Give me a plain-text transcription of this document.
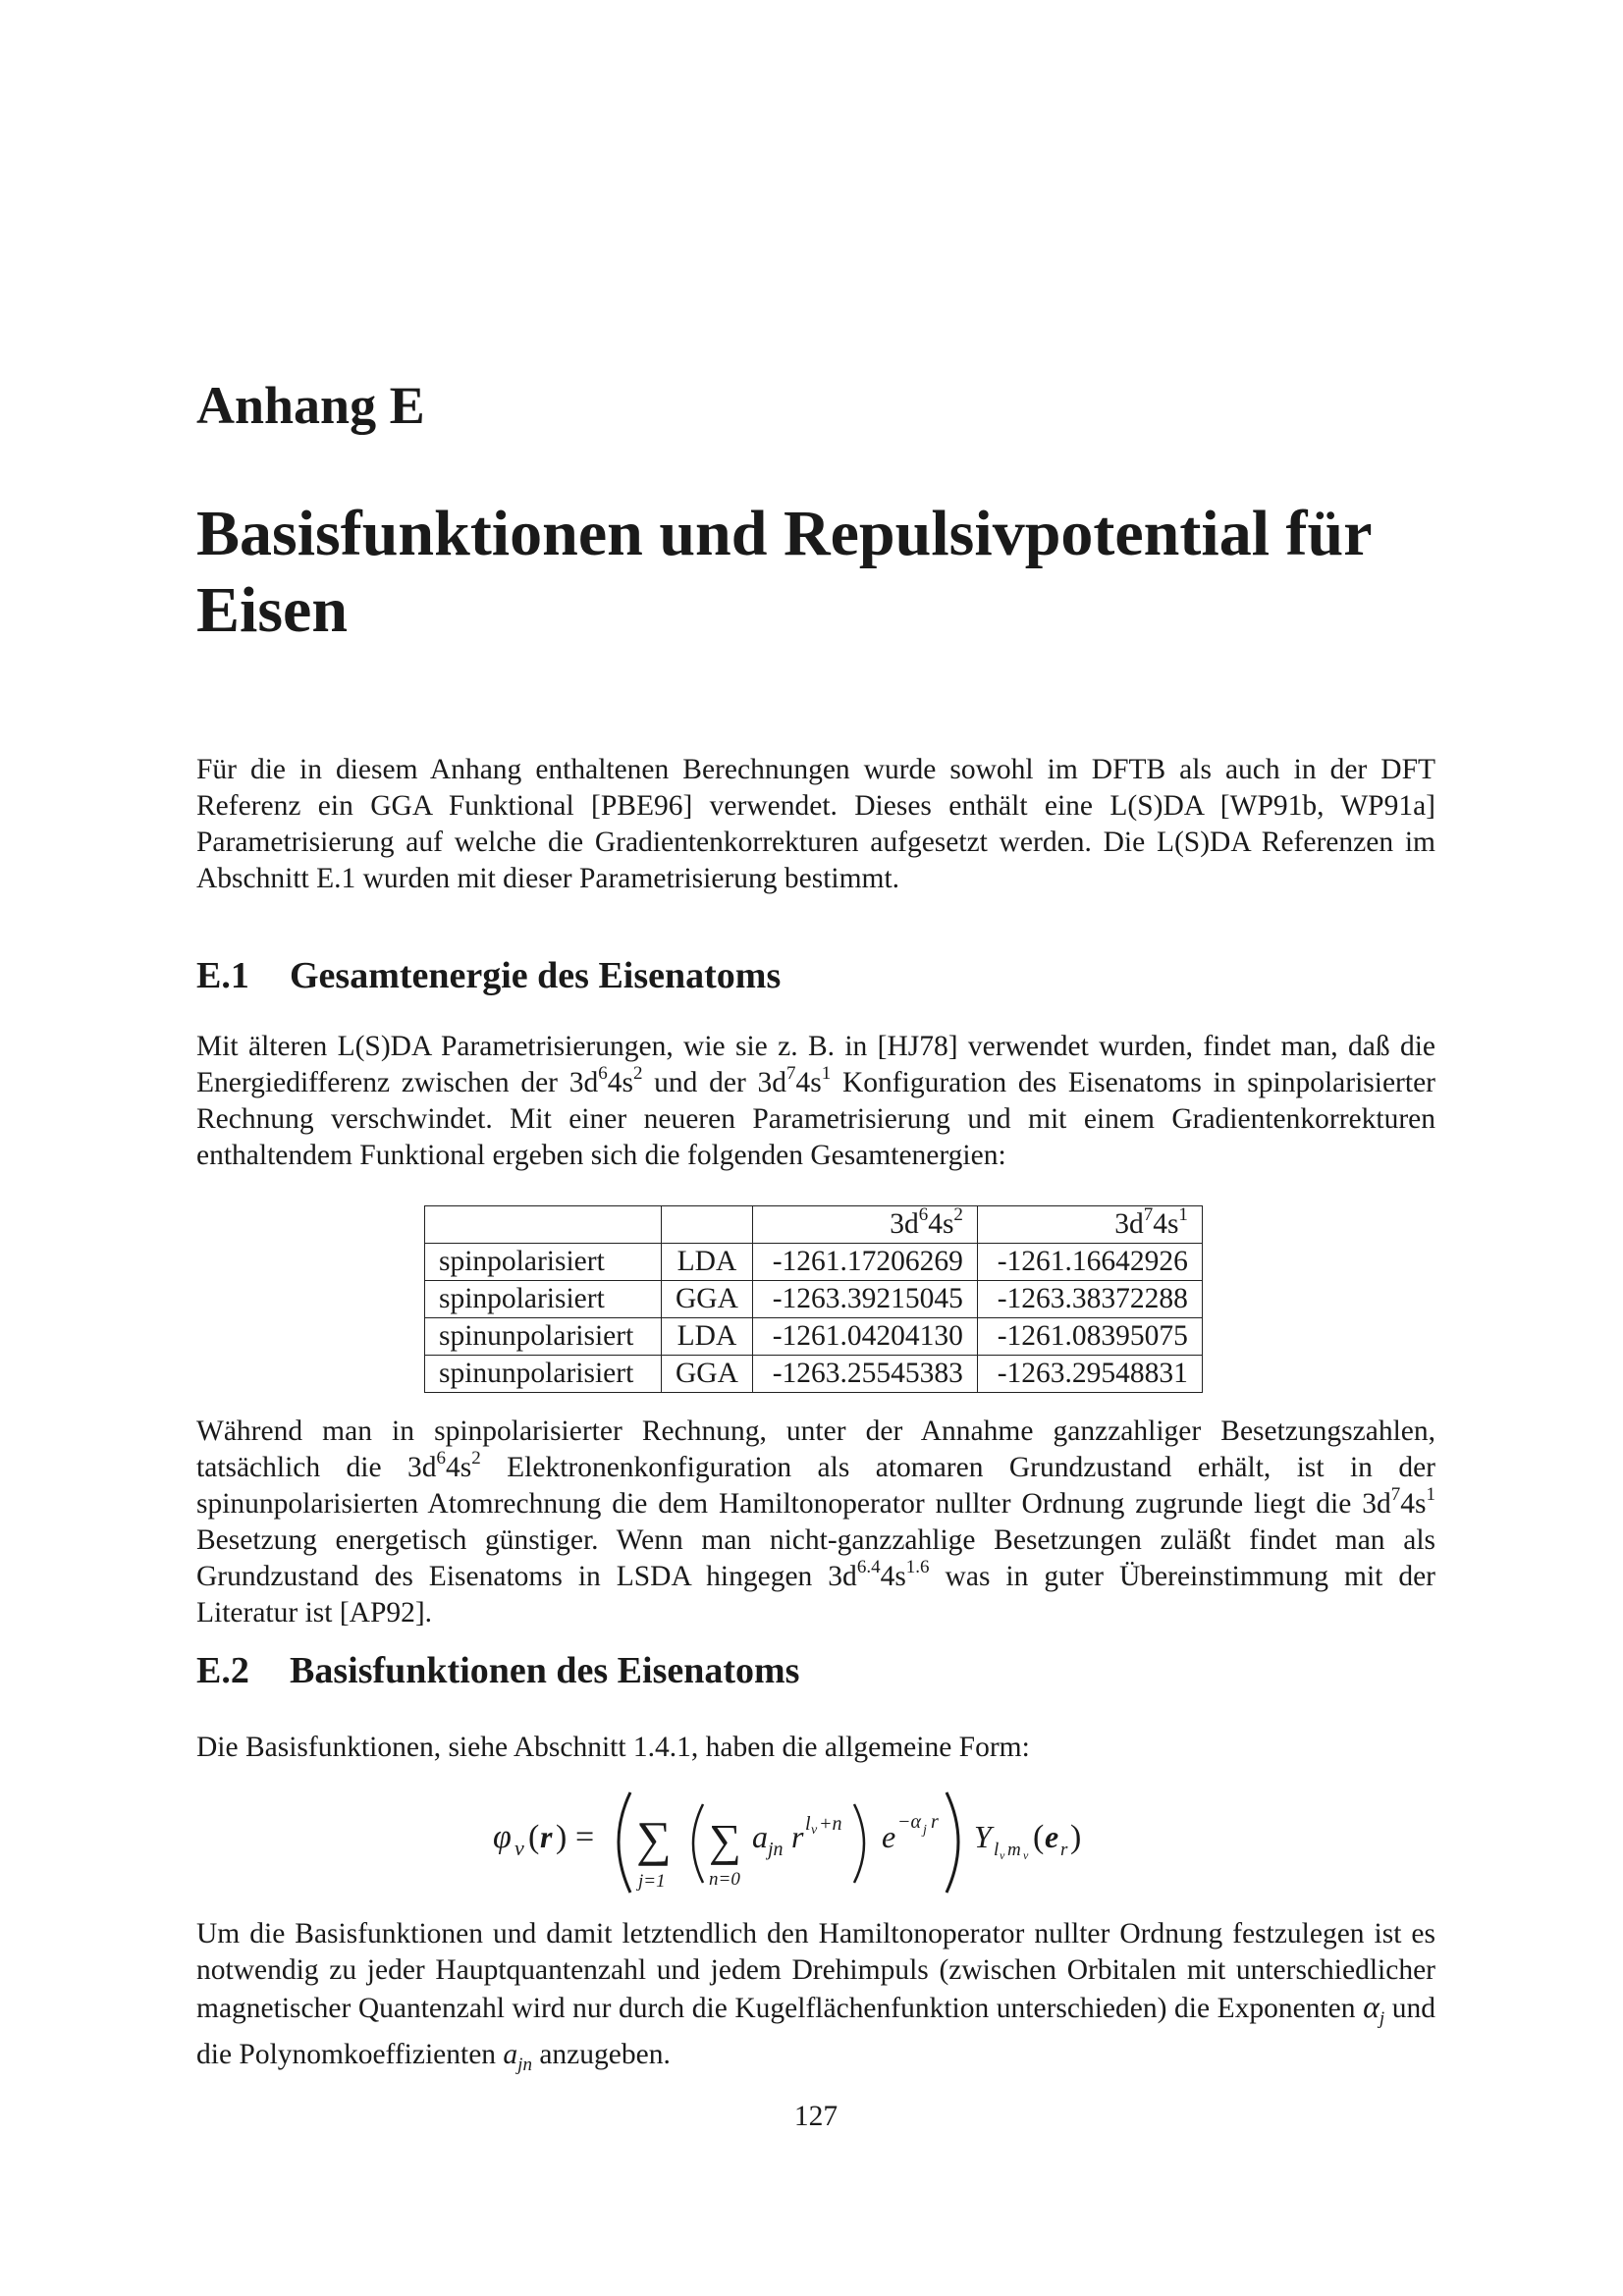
Anhang E
Basisfunktionen und Repulsivpotential für Eisen
Für die in diesem Anhang enthaltenen Berechnungen wurde sowohl im DFTB als auch in der DFT Referenz ein GGA Funktional [PBE96] verwendet. Dieses enthält eine L(S)DA [WP91b, WP91a] Parametrisierung auf welche die Gradientenkorrekturen aufgesetzt werden. Die L(S)DA Referenzen im Abschnitt E.1 wurden mit dieser Parametrisierung bestimmt.
E.1 Gesamtenergie des Eisenatoms
Mit älteren L(S)DA Parametrisierungen, wie sie z. B. in [HJ78] verwendet wurden, findet man, daß die Energiedifferenz zwischen der $3d^64s^2$ und der $3d^74s^1$ Konfiguration des Eisenatoms in spinpolarisierter Rechnung verschwindet. Mit einer neueren Parametrisierung und mit einem Gradientenkorrekturen enthaltendem Funktional ergeben sich die folgenden Gesamtenergien:
		$3d^64s^2$	$3d^74s^1$
spinpolarisiert	LDA	-1261.17206269	-1261.16642926
spinpolarisiert	GGA	-1263.39215045	-1263.38372288
spinunpolarisiert	LDA	-1261.04204130	-1261.08395075
spinunpolarisiert	GGA	-1263.25545383	-1263.29548831
Während man in spinpolarisierter Rechnung, unter der Annahme ganzzahliger Besetzungszahlen, tatsächlich die $3d^64s^2$ Elektronenkonfiguration als atomaren Grundzustand erhält, ist in der spinunpolarisierten Atomrechnung die dem Hamiltonoperator nullter Ordnung zugrunde liegt die $3d^74s^1$ Besetzung energetisch günstiger. Wenn man nicht-ganzzahlige Besetzungen zuläßt findet man als Grundzustand des Eisenatoms in LSDA hingegen $3d^{6.4}4s^{1.6}$ was in guter Übereinstimmung mit der Literatur ist [AP92].
E.2 Basisfunktionen des Eisenatoms
Die Basisfunktionen, siehe Abschnitt 1.4.1, haben die allgemeine Form:
φ ν ( r ) = ∑
j=1
∑
n=0
a jn r l ν +n e −α j r Y l ν m ν ( e r )
Um die Basisfunktionen und damit letztendlich den Hamiltonoperator nullter Ordnung festzulegen ist es notwendig zu jeder Hauptquantenzahl und jedem Drehimpuls (zwischen Orbitalen mit unterschiedlicher magnetischer Quantenzahl wird nur durch die Kugelflächenfunktion unterschieden) die Exponenten $\alpha_j$ und die Polynomkoeffizienten $a_{jn}$ anzugeben.
127
